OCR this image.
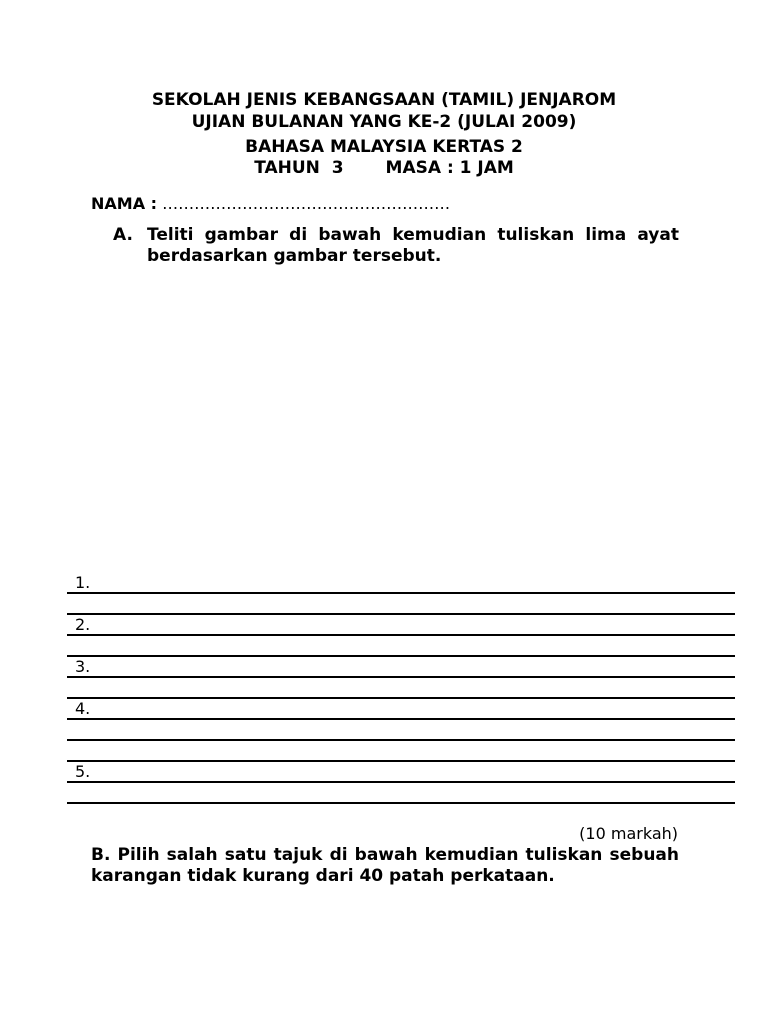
SEKOLAH JENIS KEBANGSAAN (TAMIL) JENJAROM
UJIAN BULANAN YANG KE-2 (JULAI 2009)
BAHASA MALAYSIA KERTAS 2
TAHUN  3 MASA : 1 JAM
NAMA : ………………………………………………
A. Teliti gambar di bawah kemudian tuliskan lima ayat berdasarkan gambar tersebut.
1.
2.
3.
4.
5.
(10 markah)
B. Pilih salah satu tajuk di bawah kemudian tuliskan sebuah karangan tidak kurang dari 40 patah perkataan.
